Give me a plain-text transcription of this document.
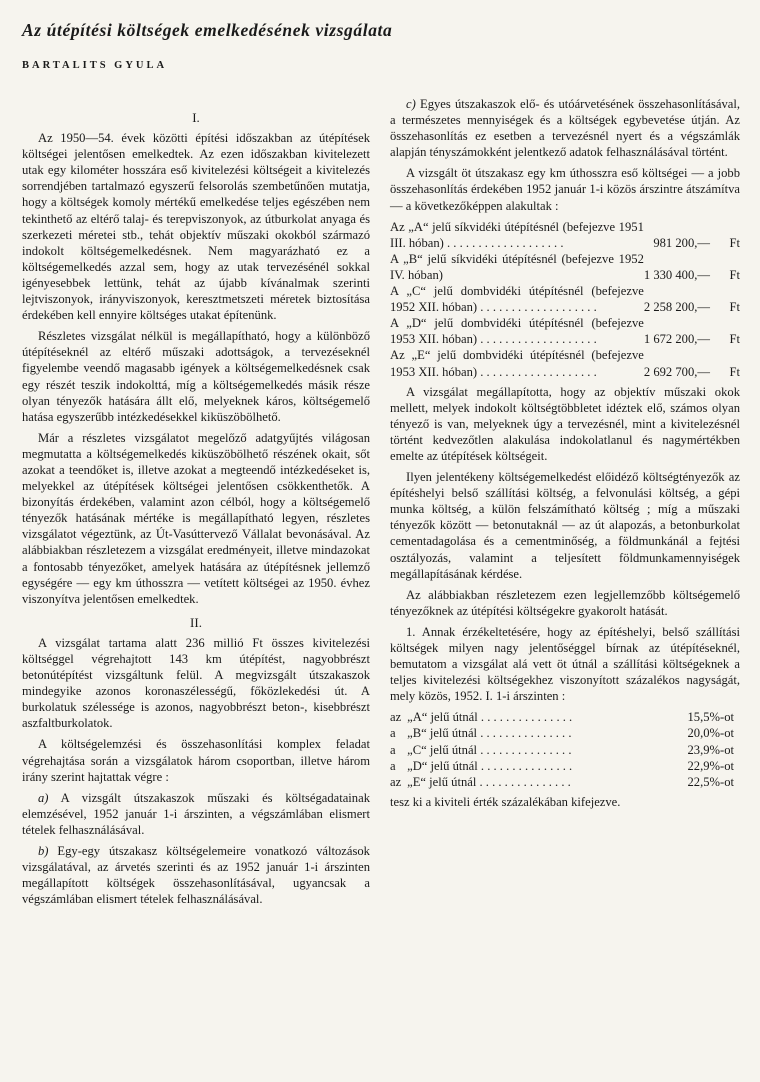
Az útépítési költségek emelkedésének vizsgálata
BARTALITS GYULA
I.

Az 1950—54. évek közötti építési időszakban az útépítések költségei jelentősen emelkedtek. Az ezen időszakban kivitelezett utak egy kilométer hosszára eső kivitelezési költségeit a kivitelezés sorrendjében tartalmazó egyszerű felsorolás szembetűnően mutatja, hogy a költségek komoly mértékű emelkedése teljes egészében nem tekinthető az eltérő talaj- és terepviszonyok, az útburkolat anyaga és szerkezeti méretei stb., tehát objektív műszaki okokból származó indokolt költségemelkedésnek. Nem magyarázható ez a költségemelkedés azzal sem, hogy az utak tervezésénél sokkal igényesebbek lettünk, tehát az újabb kívánalmak szerinti lejtviszonyok, irányviszonyok, keresztmetszeti méretek biztosítása érdekében kell ennyire költséges utakat építenünk.

Részletes vizsgálat nélkül is megállapítható, hogy a különböző útépítéseknél az eltérő műszaki adottságok, a tervezéseknél figyelembe veendő magasabb igények a költségemelkedésnek csak egy részét teszik indokolttá, míg a költségemelkedés másik része olyan tényezők hatására állt elő, melyeknek káros, költségemelő hatása egyszerűbb intézkedésekkel kiküszöbölhető.

Már a részletes vizsgálatot megelőző adatgyűjtés világosan megmutatta a költségemelkedés kiküszöbölhető részének okait, sőt azokat a teendőket is, illetve azokat a megteendő intézkedéseket is, melyekkel az útépítések költségei jelentősen csökkenthetők. A bizonyítás érdekében, valamint azon célból, hogy a költségemelő tényezők hatásának mértéke is megállapítható legyen, részletes vizsgálatot végeztünk, az Út-Vasúttervező Vállalat bevonásával. Az alábbiakban részletezem a vizsgálat eredményeit, illetve mindazokat a fontosabb tényezőket, amelyek hatására az útépítésnek jellemző egységére — egy km úthosszra — vetített költségei az 1950. évhez viszonyítva jelentősen emelkedtek.

II.

A vizsgálat tartama alatt 236 millió Ft összes kivitelezési költséggel végrehajtott 143 km útépítést, nagyobbrészt betonútépítést vizsgáltunk felül. A megvizsgált útszakaszok mindegyike azonos koronaszélességű, főközlekedési út. A burkolatuk szélessége is azonos, nagyobbrészt beton-, kisebbrészt aszfaltburkolatok.

A költségelemzési és összehasonlítási komplex feladat végrehajtása során a vizsgálatok három csoportban, illetve három irány szerint hajtattak végre :

a) A vizsgált útszakaszok műszaki és költségadatainak elemzésével, 1952 január 1-i árszinten, a végszámlában elismert tételek felhasználásával.

b) Egy-egy útszakasz költségelemeire vonatkozó változások vizsgálatával, az árvetés szerinti és az 1952 január 1-i árszinten megállapított költségek összehasonlításával, ugyancsak a végszámlában elismert tételek felhasználásával.

c) Egyes útszakaszok elő- és utóárvetésének összehasonlításával, a természetes mennyiségek és a költségek egybevetése útján. Az összehasonlítás ez esetben a tervezésnél nyert és a végszámlák alapján tényszámokként jelentkező adatok felhasználásával történt.

A vizsgált öt útszakasz egy km úthosszra eső költségei — a jobb összehasonlítás érdekében 1952 január 1-i közös árszintre átszámítva — a következőképpen alakultak :

Az „A“ jelű síkvidéki útépítésnél (befejezve 1951 III. hóban) . . . . . . . . . . . . . . . . . . .	981 200,—	Ft
A „B“ jelű síkvidéki útépítésnél (befejezve 1952 IV. hóban)	1 330 400,—	Ft
A „C“ jelű dombvidéki útépítésnél (befejezve 1952 XII. hóban) . . . . . . . . . . . . . . . . . . .	2 258 200,—	Ft
A „D“ jelű dombvidéki útépítésnél (befejezve 1953 XII. hóban) . . . . . . . . . . . . . . . . . . .	1 672 200,—	Ft
Az „E“ jelű dombvidéki útépítésnél (befejezve 1953 XII. hóban) . . . . . . . . . . . . . . . . . . .	2 692 700,—	Ft

A vizsgálat megállapította, hogy az objektív műszaki okok mellett, melyek indokolt költségtöbbletet idéztek elő, számos olyan tényező is van, melyeknek úgy a tervezésnél, mint a kivitelezésnél történt kedvezőtlen alakulása indokolatlanul és nagymértékben emelte az útépítések költségeit.

Ilyen jelentékeny költségemelkedést előidéző költségtényezők az építéshelyi belső szállítási költség, a felvonulási költség, a gépi munka költség, a külön felszámítható költség ; míg a műszaki tényezők között — betonutaknál — az út alapozás, a betonburkolat cementadagolása és a cementminőség, a földmunkánál a fejtési osztályozás, valamint a teljesített földmunkamennyiségek megállapításának kérdése.

Az alábbiakban részletezem ezen legjellemzőbb költségemelő tényezőknek az útépítési költségekre gyakorolt hatását.

1. Annak érzékeltetésére, hogy az építéshelyi, belső szállítási költségek milyen nagy jelentőséggel bírnak az útépítéseknél, bemutatom a vizsgálat alá vett öt útnál a szállítási költségeknek a teljes kivitelezési költségekhez viszonyított százalékos nagyságát, mely közös, 1952. I. 1-i árszinten :

az	„A“ jelű útnál . . . . . . . . . . . . . . .	15,5%-ot
a	„B“ jelű útnál . . . . . . . . . . . . . . .	20,0%-ot
a	„C“ jelű útnál . . . . . . . . . . . . . . .	23,9%-ot
a	„D“ jelű útnál . . . . . . . . . . . . . . .	22,9%-ot
az	„E“ jelű útnál . . . . . . . . . . . . . . .	22,5%-ot

tesz ki a kiviteli érték százalékában kifejezve.
